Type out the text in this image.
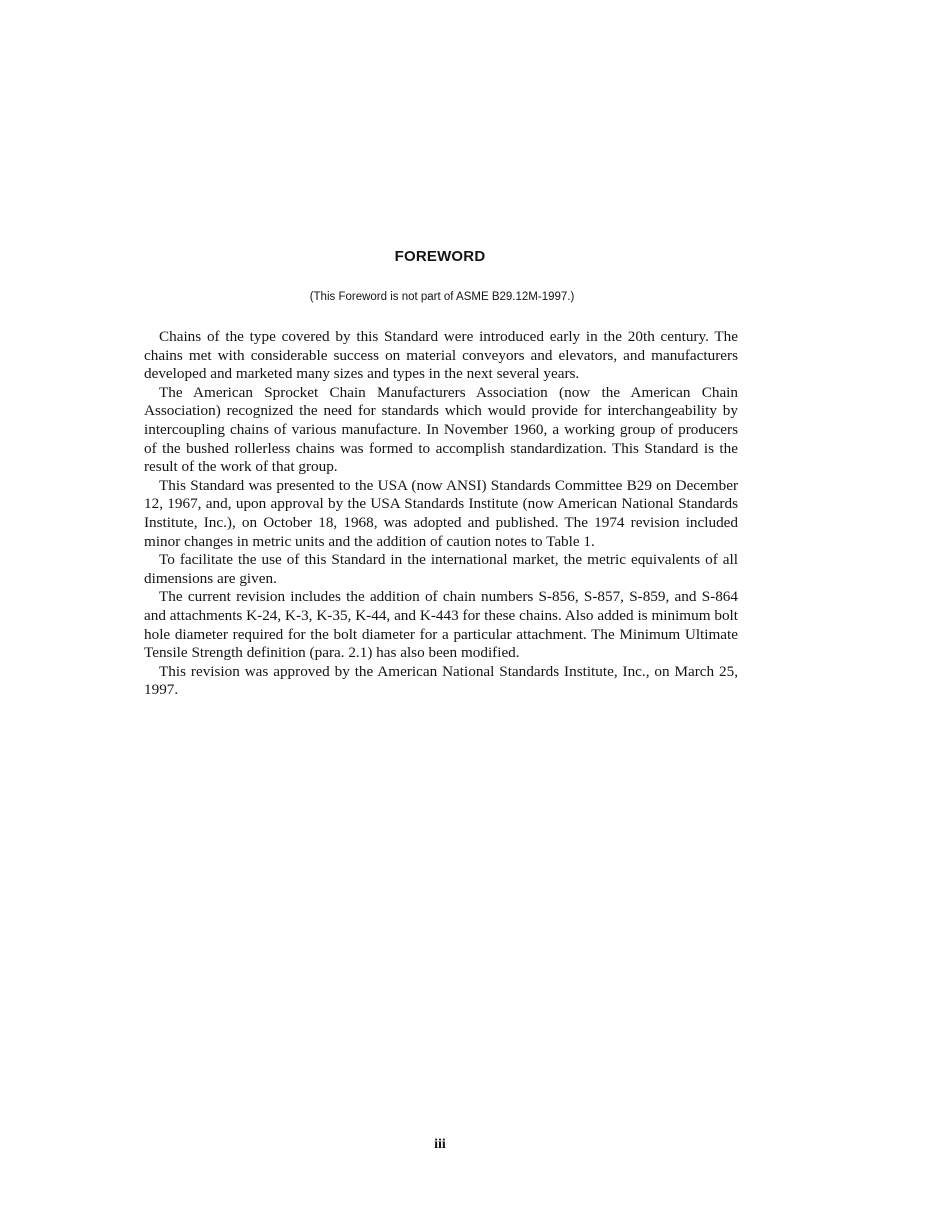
FOREWORD

(This Foreword is not part of ASME B29.12M-1997.)

Chains of the type covered by this Standard were introduced early in the 20th century. The chains met with considerable success on material conveyors and elevators, and manufacturers developed and marketed many sizes and types in the next several years.

The American Sprocket Chain Manufacturers Association (now the American Chain Association) recognized the need for standards which would provide for interchangeability by intercoupling chains of various manufacture. In November 1960, a working group of producers of the bushed rollerless chains was formed to accomplish standardization. This Standard is the result of the work of that group.

This Standard was presented to the USA (now ANSI) Standards Committee B29 on December 12, 1967, and, upon approval by the USA Standards Institute (now American National Standards Institute, Inc.), on October 18, 1968, was adopted and published. The 1974 revision included minor changes in metric units and the addition of caution notes to Table 1.

To facilitate the use of this Standard in the international market, the metric equivalents of all dimensions are given.

The current revision includes the addition of chain numbers S-856, S-857, S-859, and S-864 and attachments K-24, K-3, K-35, K-44, and K-443 for these chains. Also added is minimum bolt hole diameter required for the bolt diameter for a particular attachment. The Minimum Ultimate Tensile Strength definition (para. 2.1) has also been modified.

This revision was approved by the American National Standards Institute, Inc., on March 25, 1997.

iii
